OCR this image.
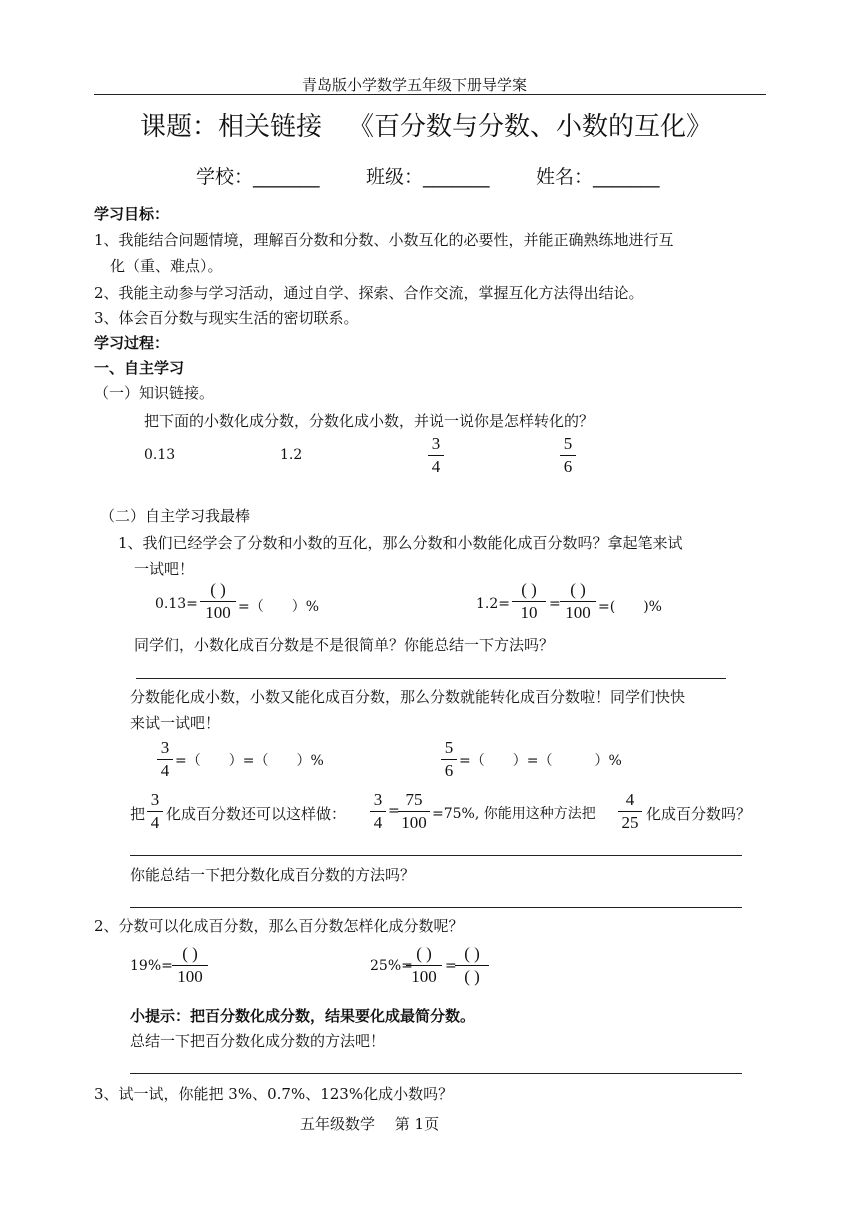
青岛版小学数学五年级下册导学案
课题：相关链接 《百分数与分数、小数的互化》
学校：_______ 班级：_______ 姓名：_______
学习目标：
1、我能结合问题情境，理解百分数和分数、小数互化的必要性，并能正确熟练地进行互
化（重、难点）。
2、我能主动参与学习活动，通过自学、探索、合作交流，掌握互化方法得出结论。
3、体会百分数与现实生活的密切联系。
学习过程：
一、自主学习
（一）知识链接。
把下面的小数化成分数，分数化成小数，并说一说你是怎样转化的？
0.13	1.2
3
4
5
6
（二）自主学习我最棒
1、我们已经学会了分数和小数的互化，那么分数和小数能化成百分数吗？拿起笔来试
一试吧！
0.13=
( )
100 =（　　）%	1.2=
( )
10 =
( )
100 =(　　)%
同学们，小数化成百分数是不是很简单？你能总结一下方法吗？
分数能化成小数，小数又能化成百分数，那么分数就能转化成百分数啦！同学们快快
来试一试吧！
3
4 =（　　）=（　　）%
5
6 =（　　）=（　　　）%
把
3
4 化成百分数还可以这样做：
3
4
=
75
100 =75%, 你能用这种方法把
4
25 化成百分数吗？
你能总结一下把分数化成百分数的方法吗？
2、分数可以化成百分数，那么百分数怎样化成分数呢？
19%=
( )
100
25%=
( )
100
=
( )
( )
小提示：把百分数化成分数，结果要化成最简分数。
总结一下把百分数化成分数的方法吧！
3、试一试，你能把 3%、0.7%、123%化成小数吗？
五年级数学　 第 1页
